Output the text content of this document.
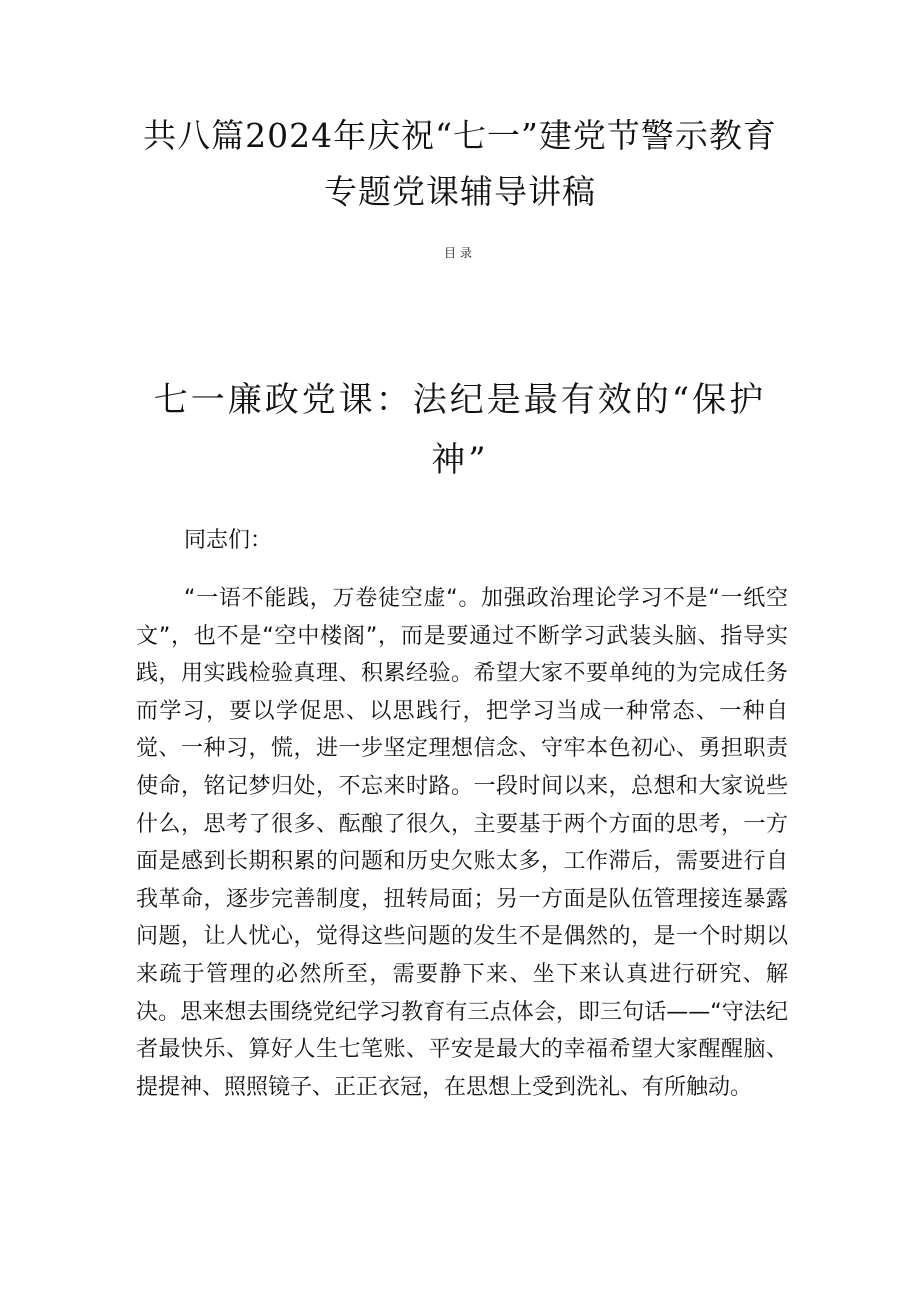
共八篇2024年庆祝“七一”建党节警示教育专题党课辅导讲稿
目录
七一廉政党课：法纪是最有效的“保护神”

同志们：

“一语不能践，万卷徒空虚“。加强政治理论学习不是“一纸空文”，也不是“空中楼阁”，而是要通过不断学习武装头脑、指导实践，用实践检验真理、积累经验。希望大家不要单纯的为完成任务而学习，要以学促思、以思践行，把学习当成一种常态、一种自觉、一种习，慌，进一步坚定理想信念、守牢本色初心、勇担职责使命，铭记梦归处，不忘来时路。一段时间以来，总想和大家说些什么，思考了很多、酝酿了很久，主要基于两个方面的思考，一方面是感到长期积累的问题和历史欠账太多，工作滞后，需要进行自我革命，逐步完善制度，扭转局面；另一方面是队伍管理接连暴露问题，让人忧心，觉得这些问题的发生不是偶然的，是一个时期以来疏于管理的必然所至，需要静下来、坐下来认真进行研究、解决。思来想去围绕党纪学习教育有三点体会，即三句话——“守法纪者最快乐、算好人生七笔账、平安是最大的幸福希望大家醒醒脑、提提神、照照镜子、正正衣冠，在思想上受到洗礼、有所触动。
